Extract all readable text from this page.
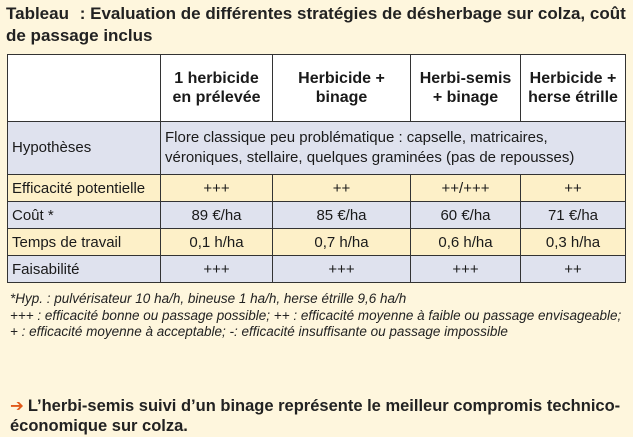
Tableau : Evaluation de différentes stratégies de désherbage sur colza, coût de passage inclus
	1 herbicide en prélevée	Herbicide + binage	Herbi-semis + binage	Herbicide + herse étrille
Hypothèses	Flore classique peu problématique : capselle, matricaires, véroniques, stellaire, quelques graminées (pas de repousses)			
Efficacité potentielle	+++	++	++/+++	++
Coût *	89 €/ha	85 €/ha	60 €/ha	71 €/ha
Temps de travail	0,1 h/ha	0,7 h/ha	0,6 h/ha	0,3 h/ha
Faisabilité	+++	+++	+++	++
*Hyp. : pulvérisateur 10 ha/h, bineuse 1 ha/h, herse étrille 9,6 ha/h
+++ : efficacité bonne ou passage possible; ++ : efficacité moyenne à faible ou passage envisageable; + : efficacité moyenne à acceptable; -: efficacité insuffisante ou passage impossible
➔ L’herbi-semis suivi d’un binage représente le meilleur compromis technico-économique sur colza.
